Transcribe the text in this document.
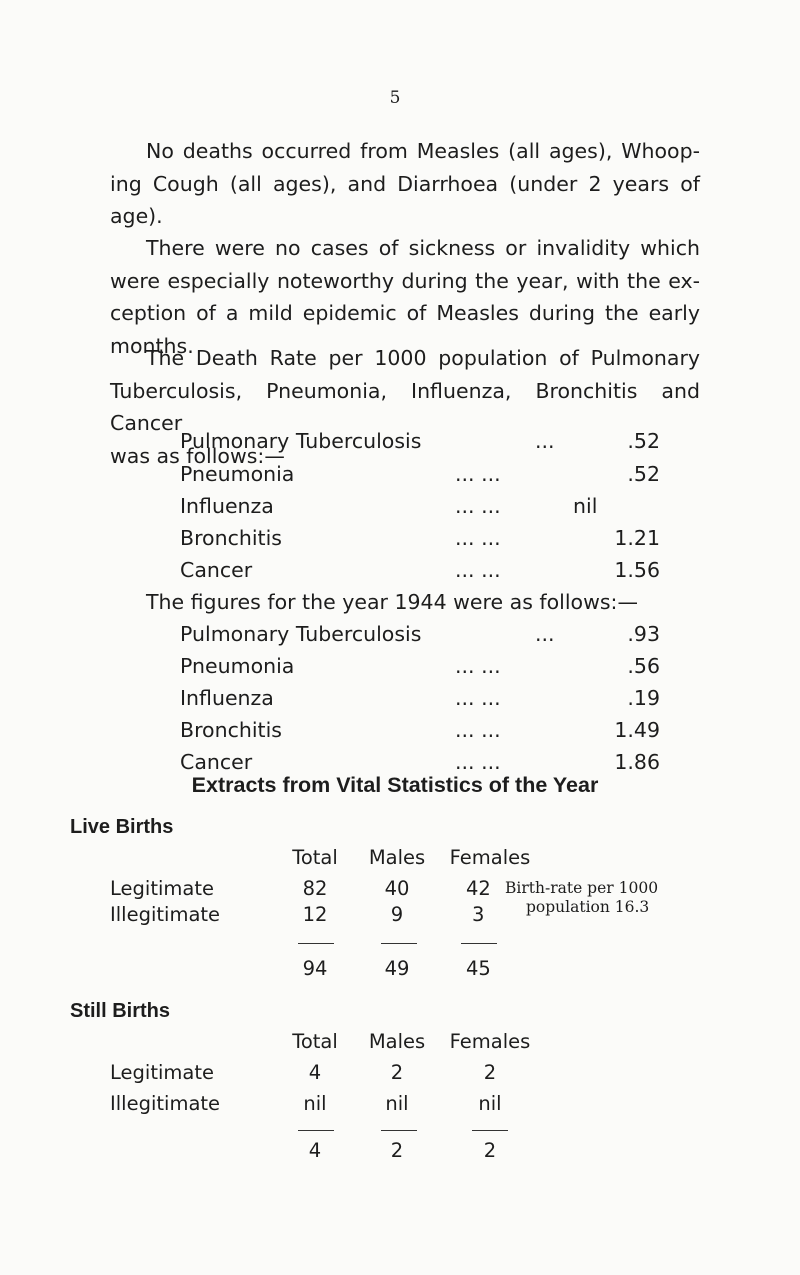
5
No deaths occurred from Measles (all ages), Whoop-
ing Cough (all ages), and Diarrhoea (under 2 years of
age).
There were no cases of sickness or invalidity which
were especially noteworthy during the year, with the ex-
ception of a mild epidemic of Measles during the early
months.
The Death Rate per 1000 population of Pulmonary
Tuberculosis, Pneumonia, Influenza, Bronchitis and Cancer
was as follows:—
Pulmonary Tuberculosis	...	.52
Pneumonia	... ...	.52
Influenza	... ...	nil
Bronchitis	... ...	1.21
Cancer	... ...	1.56
The figures for the year 1944 were as follows:—
Pulmonary Tuberculosis	...	.93
Pneumonia	... ...	.56
Influenza	... ...	.19
Bronchitis	... ...	1.49
Cancer	... ...	1.86
Extracts from Vital Statistics of the Year
Live Births
Total	Males	Females
Legitimate	82	40	42
Illegitimate	12	9	3
Birth-rate per 1000
population 16.3
94	49	45
Still Births
Total	Males	Females
Legitimate	4	2	2
Illegitimate	nil	nil	nil
4	2	2
